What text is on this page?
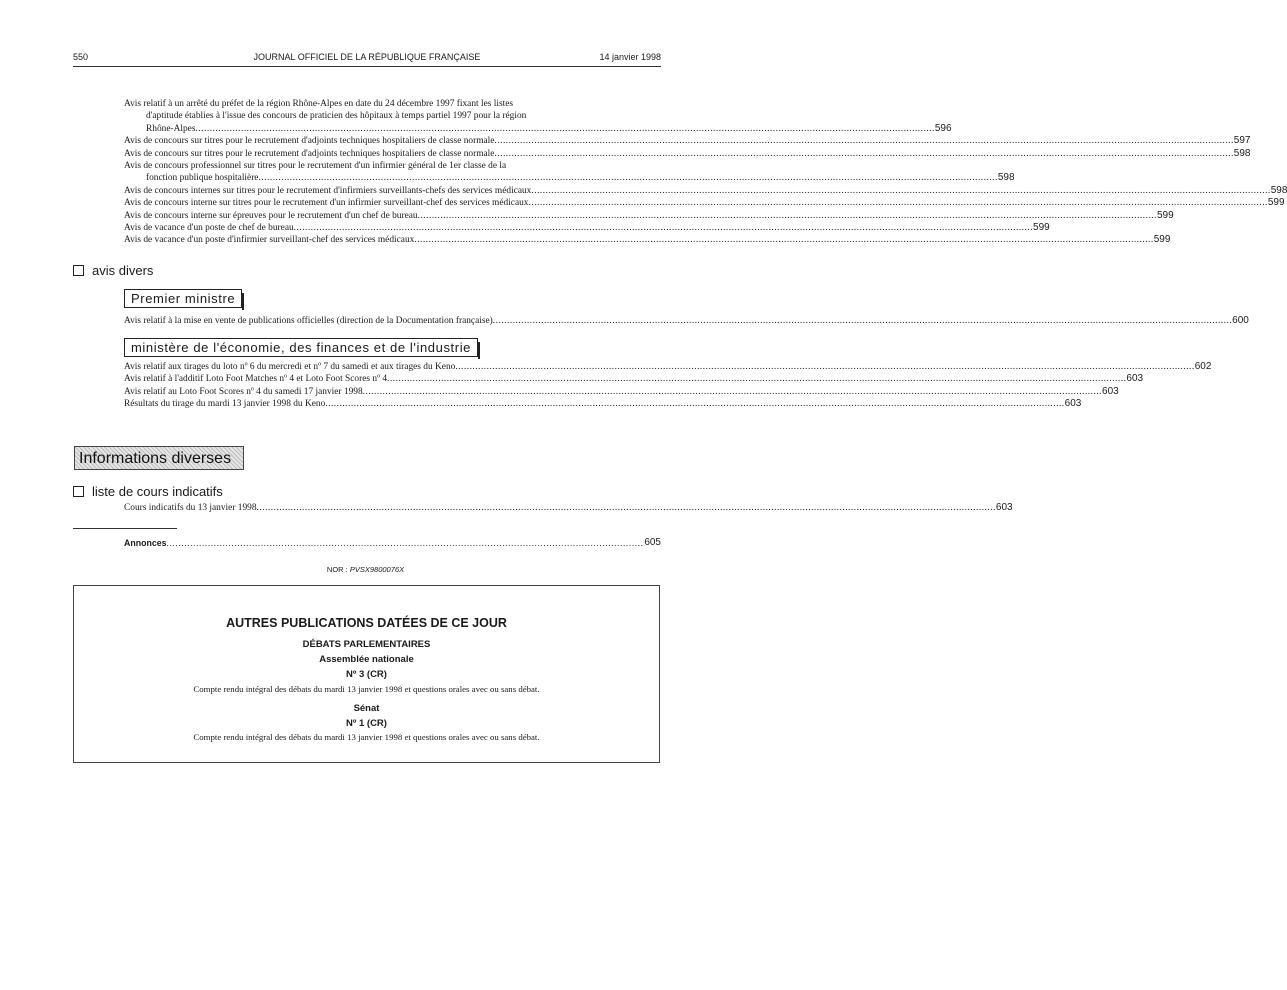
550	JOURNAL OFFICIEL DE LA RÉPUBLIQUE FRANÇAISE	14 janvier 1998
Avis relatif à un arrêté du préfet de la région Rhône-Alpes en date du 24 décembre 1997 fixant les listes
d'aptitude établies à l'issue des concours de praticien des hôpitaux à temps partiel 1997 pour la région
Rhône-Alpes.................................................................................................................................................................................................................................................................... 596
Avis de concours sur titres pour le recrutement d'adjoints techniques hospitaliers de classe normale.................................................................................................................................................................................................................................................................... 597
Avis de concours sur titres pour le recrutement d'adjoints techniques hospitaliers de classe normale.................................................................................................................................................................................................................................................................... 598
Avis de concours professionnel sur titres pour le recrutement d'un infirmier général de 1er classe de la
fonction publique hospitalière.................................................................................................................................................................................................................................................................... 598
Avis de concours internes sur titres pour le recrutement d'infirmiers surveillants-chefs des services médicaux.................................................................................................................................................................................................................................................................... 598
Avis de concours interne sur titres pour le recrutement d'un infirmier surveillant-chef des services médicaux.................................................................................................................................................................................................................................................................... 599
Avis de concours interne sur épreuves pour le recrutement d'un chef de bureau.................................................................................................................................................................................................................................................................... 599
Avis de vacance d'un poste de chef de bureau.................................................................................................................................................................................................................................................................... 599
Avis de vacance d'un poste d'infirmier surveillant-chef des services médicaux.................................................................................................................................................................................................................................................................... 599
avis divers
Premier ministre
Avis relatif à la mise en vente de publications officielles (direction de la Documentation française).................................................................................................................................................................................................................................................................... 600
ministère de l'économie, des finances et de l'industrie
Avis relatif aux tirages du loto nº 6 du mercredi et nº 7 du samedi et aux tirages du Keno.................................................................................................................................................................................................................................................................... 602
Avis relatif à l'additif Loto Foot Matches nº 4 et Loto Foot Scores nº 4.................................................................................................................................................................................................................................................................... 603
Avis relatif au Loto Foot Scores nº 4 du samedi 17 janvier 1998.................................................................................................................................................................................................................................................................... 603
Résultats du tirage du mardi 13 janvier 1998 du Keno.................................................................................................................................................................................................................................................................... 603
Informations diverses
liste de cours indicatifs
Cours indicatifs du 13 janvier 1998.................................................................................................................................................................................................................................................................... 603
Annonces.................................................................................................................................................................. 605
NOR : PVSX9800076X
AUTRES PUBLICATIONS DATÉES DE CE JOUR
DÉBATS PARLEMENTAIRES
Assemblée nationale
Nº 3 (CR)
Compte rendu intégral des débats du mardi 13 janvier 1998 et questions orales avec ou sans débat.
Sénat
Nº 1 (CR)
Compte rendu intégral des débats du mardi 13 janvier 1998 et questions orales avec ou sans débat.
